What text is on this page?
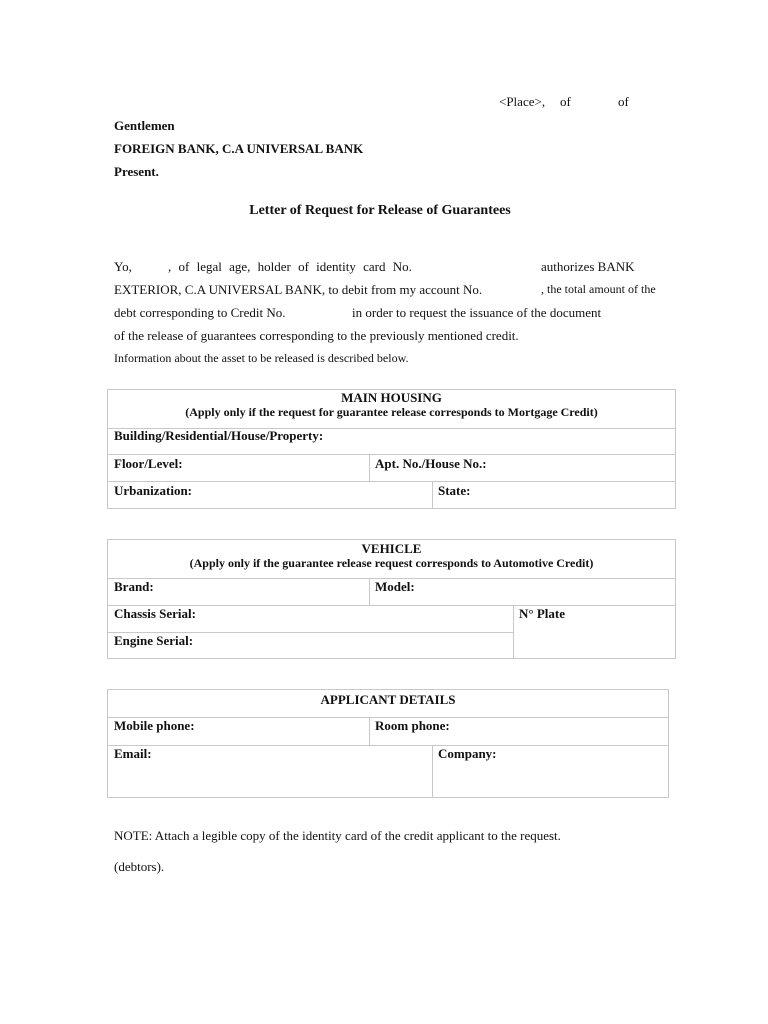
<Place>, of	of
Gentlemen
FOREIGN BANK, C.A UNIVERSAL BANK
Present.
Letter of Request for Release of Guarantees
Yo,	, of legal age, holder of identity card No.	authorizes BANK
EXTERIOR, C.A UNIVERSAL BANK, to debit from my account No.	, the total amount of the
debt corresponding to Credit No.	in order to request the issuance of the document
of the release of guarantees corresponding to the previously mentioned credit.
Information about the asset to be released is described below.
MAIN HOUSING
(Apply only if the request for guarantee release corresponds to Mortgage Credit)
Building/Residential/House/Property:
Floor/Level:	Apt. No./House No.:
Urbanization:	State:
VEHICLE
(Apply only if the guarantee release request corresponds to Automotive Credit)
Brand:	Model:
Chassis Serial:	N° Plate
Engine Serial:
APPLICANT DETAILS
Mobile phone:	Room phone:
Email:	Company:
NOTE: Attach a legible copy of the identity card of the credit applicant to the request.
(debtors).
